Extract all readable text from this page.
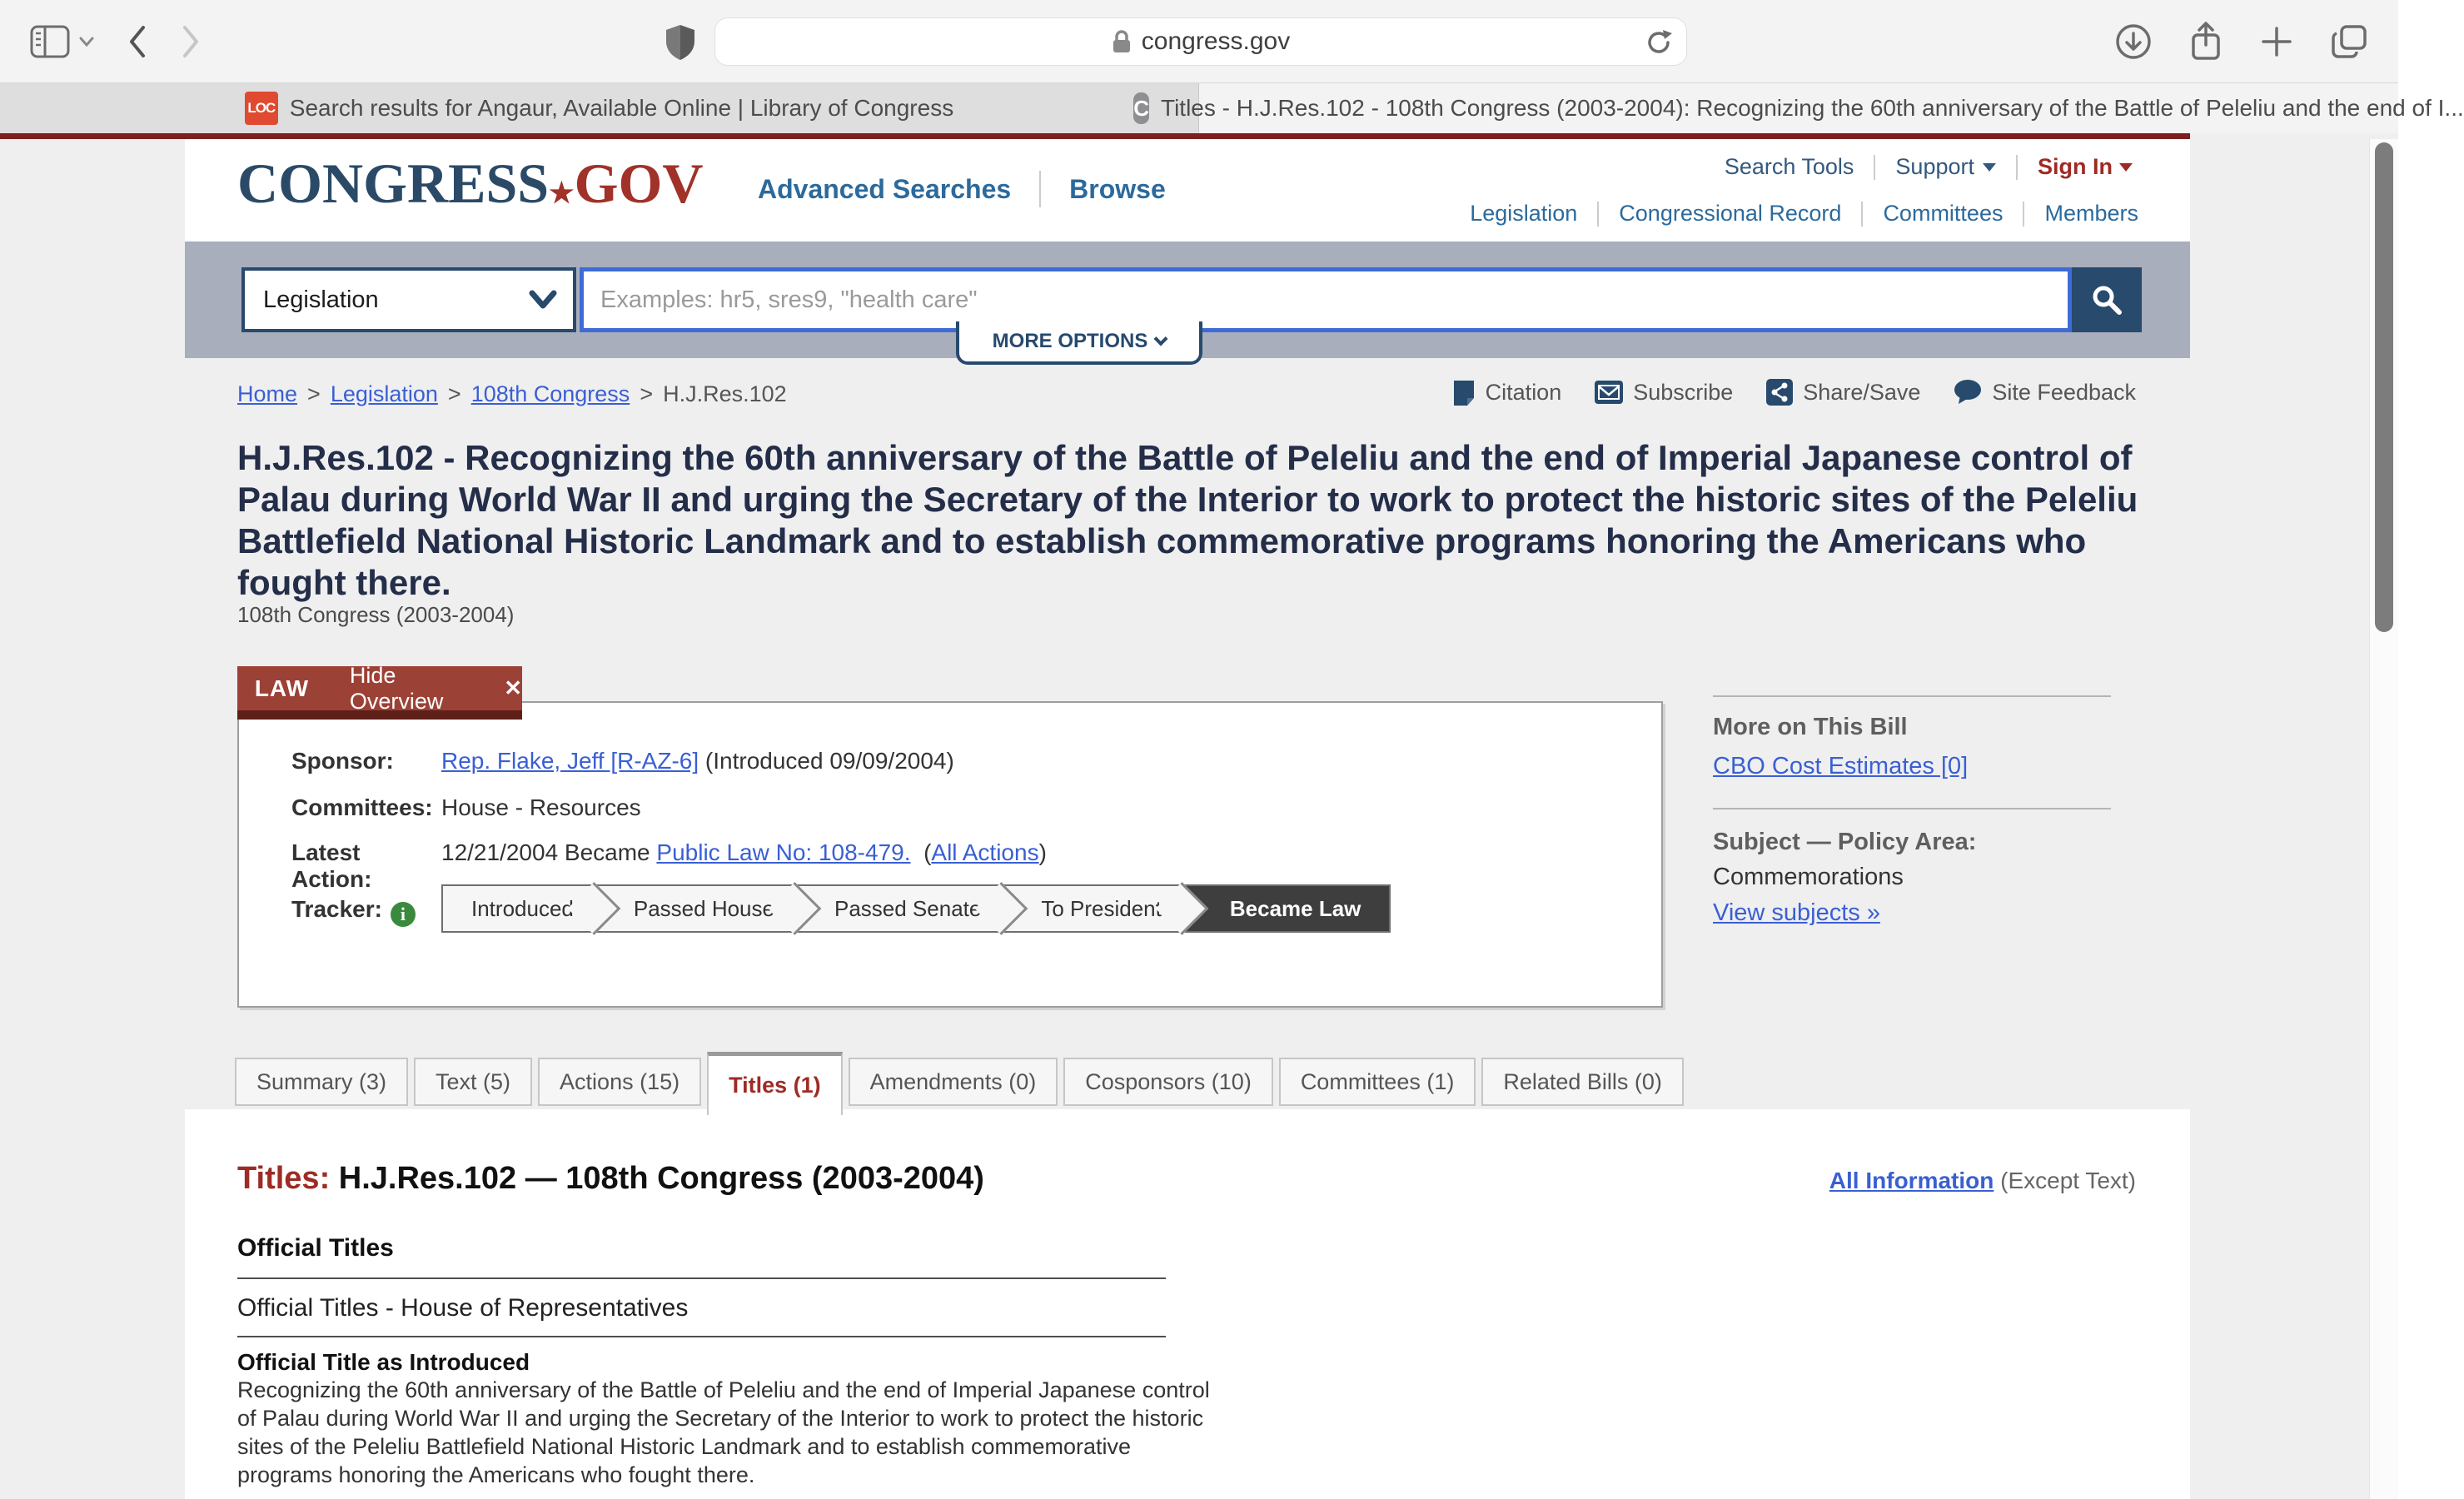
congress.gov
LOC Search results for Angaur, Available Online | Library of Congress	C Titles - H.J.Res.102 - 108th Congress (2003-2004): Recognizing the 60th anniversary of the Battle of Peleliu and the end of I...
CONGRESS★GOV Advanced Searches Browse
Search Tools Support	Sign In
Legislation Congressional Record Committees Members
Legislation
Examples: hr5, sres9, "health care"
MORE OPTIONS
Home > Legislation > 108th Congress > H.J.Res.102	Citation	Subscribe	Share/Save	Site Feedback
H.J.Res.102 - Recognizing the 60th anniversary of the Battle of Peleliu and the end of Imperial Japanese control of Palau during World War II and urging the Secretary of the Interior to work to protect the historic sites of the Peleliu Battlefield National Historic Landmark and to establish commemorative programs honoring the Americans who fought there.
108th Congress (2003-2004)
LAW	Hide Overview
✕
Sponsor:	Rep. Flake, Jeff [R-AZ-6] (Introduced 09/09/2004)
Committees: House - Resources
Latest Action:
12/21/2004 Became Public Law No: 108-479. (All Actions)
Tracker: i	Introduced	Passed House	Passed Senate	To President	Became Law
More on This Bill
CBO Cost Estimates [0]
Subject — Policy Area:
Commemorations
View subjects »
Summary (3)	Text (5)	Actions (15)	Titles (1)	Amendments (0)	Cosponsors (10)	Committees (1)	Related Bills (0)
Titles: H.J.Res.102 — 108th Congress (2003-2004)	All Information (Except Text)
Official Titles
Official Titles - House of Representatives
Official Title as Introduced
Recognizing the 60th anniversary of the Battle of Peleliu and the end of Imperial Japanese control of Palau during World War II and urging the Secretary of the Interior to work to protect the historic sites of the Peleliu Battlefield National Historic Landmark and to establish commemorative programs honoring the Americans who fought there.
